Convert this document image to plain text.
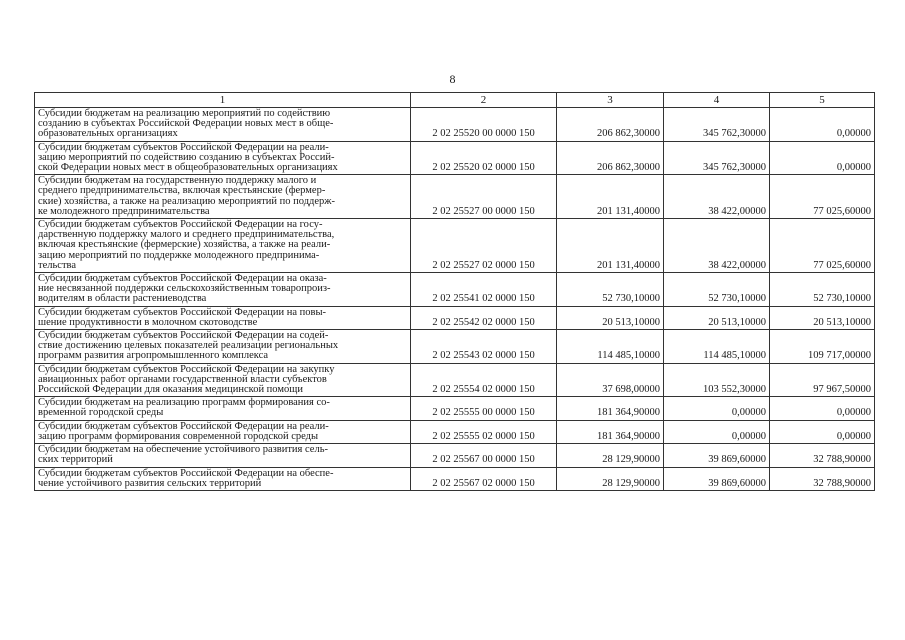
8
1	2	3	4	5

Субсидии бюджетам на реализацию мероприятий по содействию
созданию в субъектах Российской Федерации новых мест в обще-
образовательных организациях	2 02 25520 00 0000 150	206 862,30000	345 762,30000	0,00000

Субсидии бюджетам субъектов Российской Федерации на реали-
зацию мероприятий по содействию созданию в субъектах Россий-
ской Федерации новых мест в общеобразовательных организациях	2 02 25520 02 0000 150	206 862,30000	345 762,30000	0,00000

Субсидии бюджетам на государственную поддержку малого и
среднего предпринимательства, включая крестьянские (фермер-
ские) хозяйства, а также на реализацию мероприятий по поддерж-
ке молодежного предпринимательства	2 02 25527 00 0000 150	201 131,40000	38 422,00000	77 025,60000

Субсидии бюджетам субъектов Российской Федерации на госу-
дарственную поддержку малого и среднего предпринимательства,
включая крестьянские (фермерские) хозяйства, а также на реали-
зацию мероприятий по поддержке молодежного предпринима-
тельства	2 02 25527 02 0000 150	201 131,40000	38 422,00000	77 025,60000

Субсидии бюджетам субъектов Российской Федерации на оказа-
ние несвязанной поддержки сельскохозяйственным товаропроиз-
водителям в области растениеводства	2 02 25541 02 0000 150	52 730,10000	52 730,10000	52 730,10000

Субсидии бюджетам субъектов Российской Федерации на повы-
шение продуктивности в молочном скотоводстве	2 02 25542 02 0000 150	20 513,10000	20 513,10000	20 513,10000

Субсидии бюджетам субъектов Российской Федерации на содей-
ствие достижению целевых показателей реализации региональных
программ развития агропромышленного комплекса	2 02 25543 02 0000 150	114 485,10000	114 485,10000	109 717,00000

Субсидии бюджетам субъектов Российской Федерации на закупку
авиационных работ органами государственной власти субъектов
Российской Федерации для оказания медицинской помощи	2 02 25554 02 0000 150	37 698,00000	103 552,30000	97 967,50000

Субсидии бюджетам на реализацию программ формирования со-
временной городской среды	2 02 25555 00 0000 150	181 364,90000	0,00000	0,00000

Субсидии бюджетам субъектов Российской Федерации на реали-
зацию программ формирования современной городской среды	2 02 25555 02 0000 150	181 364,90000	0,00000	0,00000

Субсидии бюджетам на обеспечение устойчивого развития сель-
ских территорий	2 02 25567 00 0000 150	28 129,90000	39 869,60000	32 788,90000

Субсидии бюджетам субъектов Российской Федерации на обеспе-
чение устойчивого развития сельских территорий	2 02 25567 02 0000 150	28 129,90000	39 869,60000	32 788,90000
